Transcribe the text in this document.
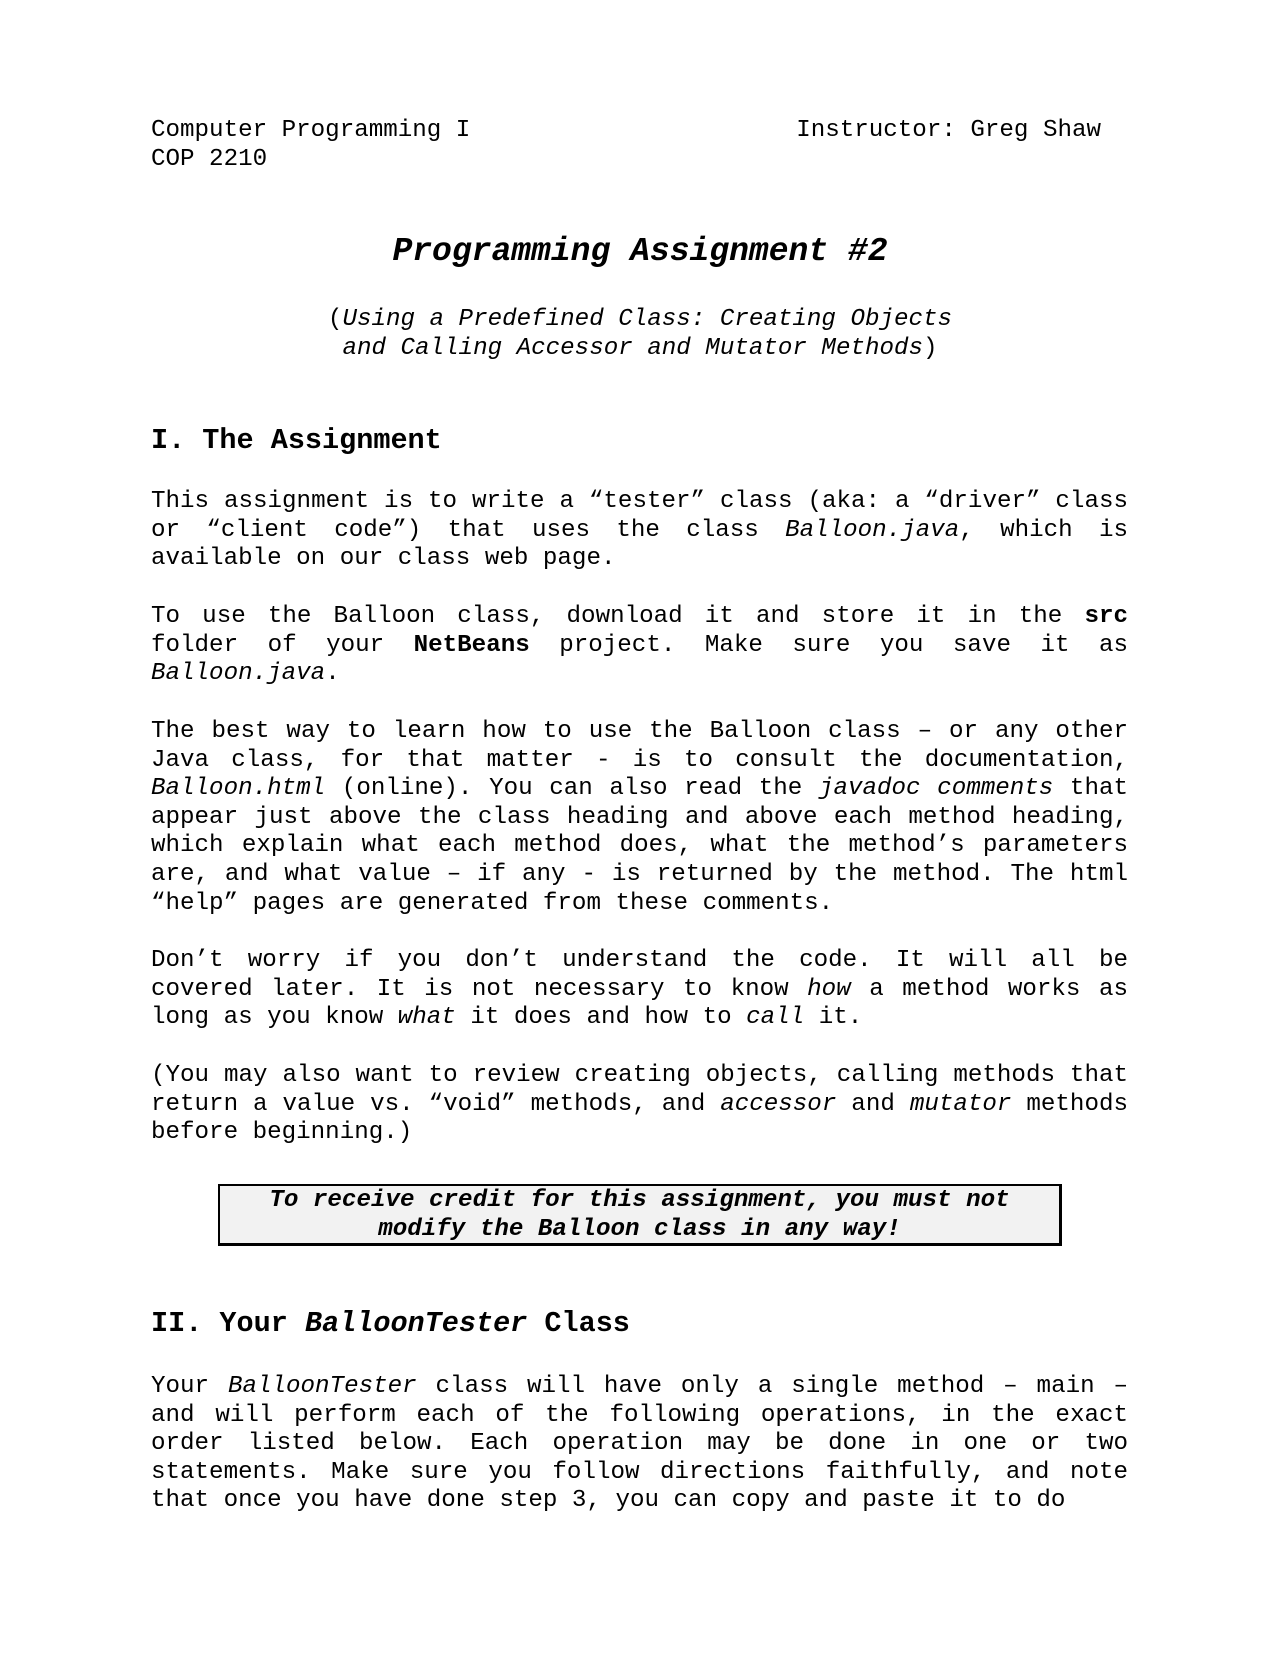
Computer Programming I	Instructor: Greg Shaw
COP 2210
Programming Assignment #2
(Using a Predefined Class: Creating Objects
and Calling Accessor and Mutator Methods)
I. The Assignment

This assignment is to write a “tester” class (aka: a “driver” class or “client code”) that uses the class Balloon.java, which is available on our class web page.

To use the Balloon class, download it and store it in the src folder of your NetBeans project. Make sure you save it as Balloon.java.

The best way to learn how to use the Balloon class – or any other Java class, for that matter - is to consult the documentation, Balloon.html (online). You can also read the javadoc comments that appear just above the class heading and above each method heading, which explain what each method does, what the method’s parameters are, and what value – if any - is returned by the method. The html “help” pages are generated from these comments.

Don’t worry if you don’t understand the code. It will all be covered later. It is not necessary to know how a method works as long as you know what it does and how to call it.

(You may also want to review creating objects, calling methods that return a value vs. “void” methods, and accessor and mutator methods before beginning.)

To receive credit for this assignment, you must not
modify the Balloon class in any way!
II. Your BalloonTester Class

Your BalloonTester class will have only a single method – main – and will perform each of the following operations, in the exact order listed below. Each operation may be done in one or two statements. Make sure you follow directions faithfully, and note that once you have done step 3, you can copy and paste it to do
